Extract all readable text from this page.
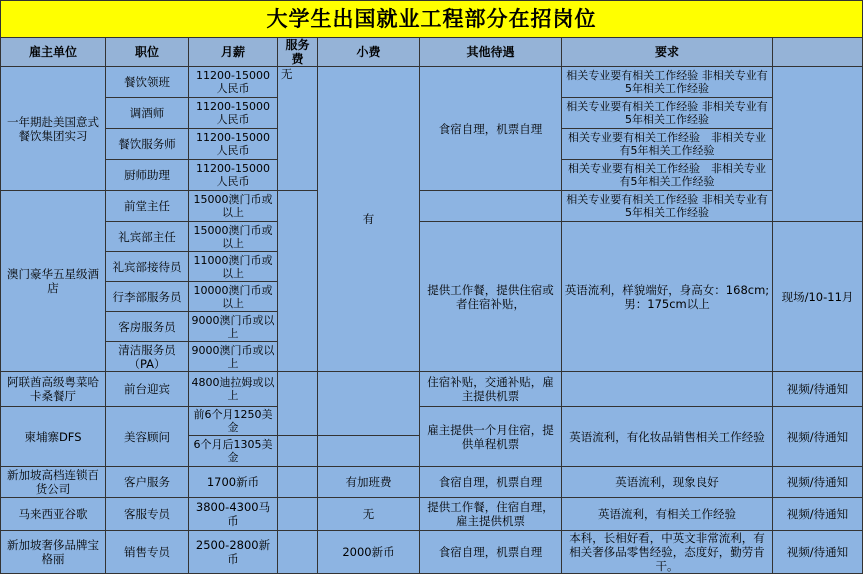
大学生出国就业工程部分在招岗位							
雇主单位	职位	月薪	服务费	小费	其他待遇	要求	
一年期赴美国意式餐饮集团实习	餐饮领班	11200-15000人民币	无	有	食宿自理，机票自理	相关专业要有相关工作经验 非相关专业有5年相关工作经验	
	调酒师	11200-15000人民币				相关专业要有相关工作经验 非相关专业有5年相关工作经验	
	餐饮服务师	11200-15000人民币				相关专业要有相关工作经验　非相关专业有5年相关工作经验	
	厨师助理	11200-15000人民币				相关专业要有相关工作经验　非相关专业有5年相关工作经验	
澳门豪华五星级酒店	前堂主任	15000澳门币或以上				相关专业要有相关工作经验 非相关专业有5年相关工作经验	
	礼宾部主任	15000澳门币或以上			提供工作餐，提供住宿或者住宿补贴，	英语流利，样貌端好，身高女：168cm;男：175cm以上	现场/10-11月
	礼宾部接待员	11000澳门币或以上					
	行李部服务员	10000澳门币或以上					
	客房服务员	9000澳门币或以上					
	清洁服务员（PA）	9000澳门币或以上					
阿联酋高级粤菜哈卡桑餐厅	前台迎宾	4800迪拉姆或以上			住宿补贴，交通补贴，雇主提供机票		视频/待通知
柬埔寨DFS	美容顾问	前6个月1250美金			雇主提供一个月住宿，提供单程机票	英语流利，有化妆品销售相关工作经验	视频/待通知
		6个月后1305美金					
新加坡高档连锁百货公司	客户服务	1700新币		有加班费	食宿自理，机票自理	英语流利，现象良好	视频/待通知
马来西亚谷歌	客服专员	3800-4300马币		无	提供工作餐，住宿自理，雇主提供机票	英语流利，有相关工作经验	视频/待通知
新加坡奢侈品牌宝格丽	销售专员	2500-2800新币		2000新币	食宿自理，机票自理	本科，长相好看，中英文非常流利，有相关奢侈品零售经验，态度好，勤劳肯干。	视频/待通知
